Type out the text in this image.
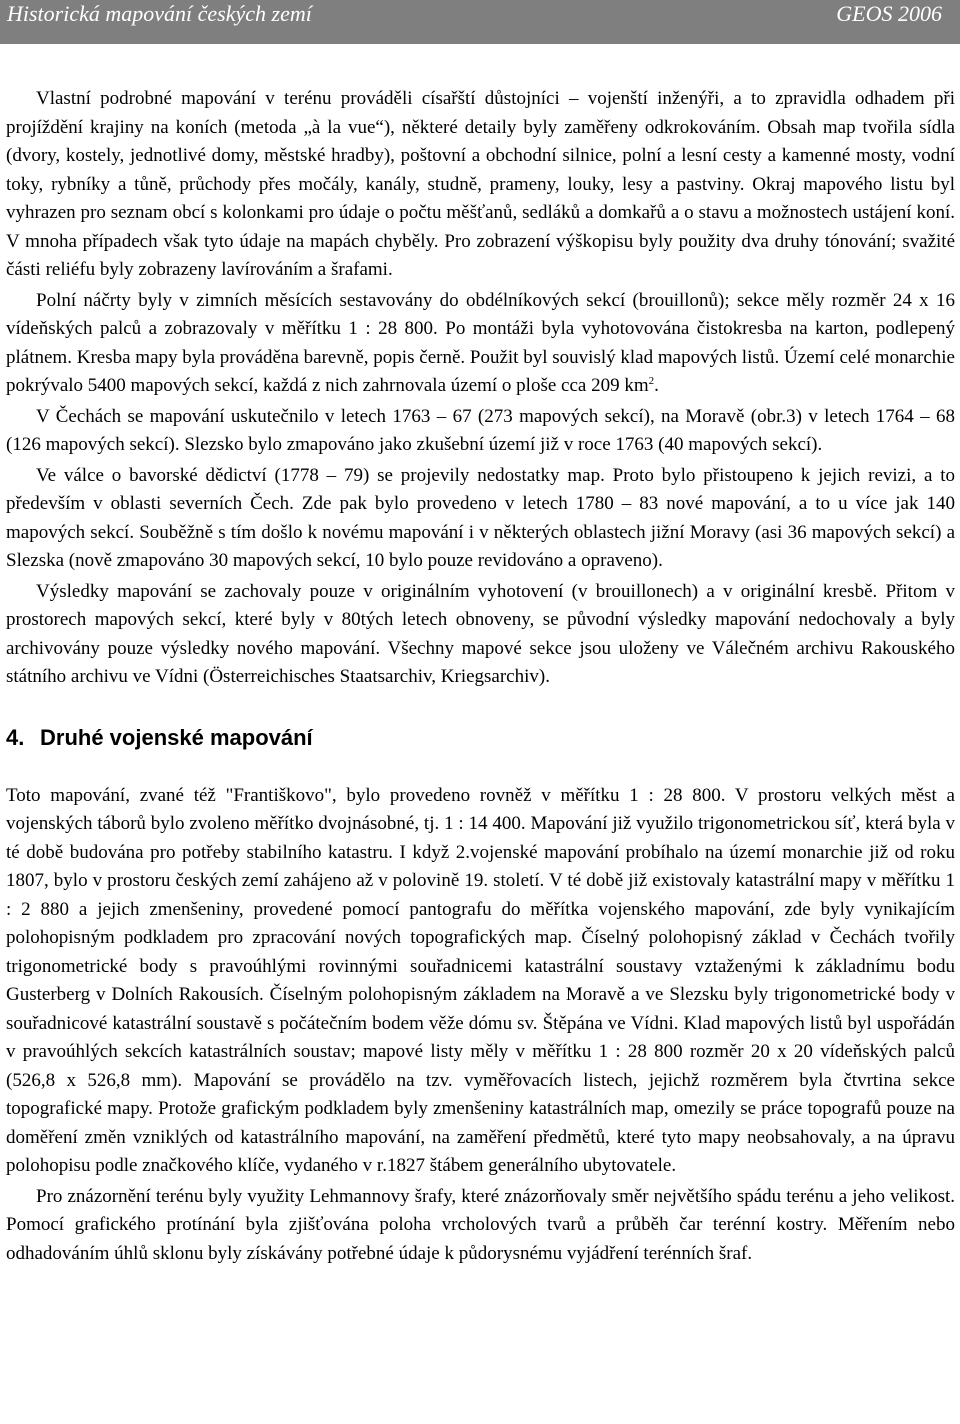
Historická mapování českých zemí	GEOS 2006

Vlastní podrobné mapování v terénu prováděli císařští důstojníci – vojenští inženýři, a to zpravidla odhadem při projíždění krajiny na koních (metoda „à la vue“), některé detaily byly zaměřeny odkrokováním. Obsah map tvořila sídla (dvory, kostely, jednotlivé domy, městské hradby), poštovní a obchodní silnice, polní a lesní cesty a kamenné mosty, vodní toky, rybníky a tůně, průchody přes močály, kanály, studně, prameny, louky, lesy a pastviny. Okraj mapového listu byl vyhrazen pro seznam obcí s kolonkami pro údaje o počtu měšťanů, sedláků a domkařů a o stavu a možnostech ustájení koní. V mnoha případech však tyto údaje na mapách chyběly. Pro zobrazení výškopisu byly použity dva druhy tónování; svažité části reliéfu byly zobrazeny lavírováním a šrafami.

Polní náčrty byly v zimních měsících sestavovány do obdélníkových sekcí (brouillonů); sekce měly rozměr 24 x 16 vídeňských palců a zobrazovaly v měřítku 1 : 28 800. Po montáži byla vyhotovována čistokresba na karton, podlepený plátnem. Kresba mapy byla prováděna barevně, popis černě. Použit byl souvislý klad mapových listů. Území celé monarchie pokrývalo 5400 mapových sekcí, každá z nich zahrnovala území o ploše cca 209 $km^2$.

V Čechách se mapování uskutečnilo v letech 1763 – 67 (273 mapových sekcí), na Moravě (obr.3) v letech 1764 – 68 (126 mapových sekcí). Slezsko bylo zmapováno jako zkušební území již v roce 1763 (40 mapových sekcí).

Ve válce o bavorské dědictví (1778 – 79) se projevily nedostatky map. Proto bylo přistoupeno k jejich revizi, a to především v oblasti severních Čech. Zde pak bylo provedeno v letech 1780 – 83 nové mapování, a to u více jak 140 mapových sekcí. Souběžně s tím došlo k novému mapování i v některých oblastech jižní Moravy (asi 36 mapových sekcí) a Slezska (nově zmapováno 30 mapových sekcí, 10 bylo pouze revidováno a opraveno).

Výsledky mapování se zachovaly pouze v originálním vyhotovení (v brouillonech) a v originální kresbě. Přitom v prostorech mapových sekcí, které byly v 80tých letech obnoveny, se původní výsledky mapování nedochovaly a byly archivovány pouze výsledky nového mapování. Všechny mapové sekce jsou uloženy ve Válečném archivu Rakouského státního archivu ve Vídni (Österreichisches Staatsarchiv, Kriegsarchiv).

4. Druhé vojenské mapování

Toto mapování, zvané též "Františkovo", bylo provedeno rovněž v měřítku 1 : 28 800. V prostoru velkých měst a vojenských táborů bylo zvoleno měřítko dvojnásobné, tj. 1 : 14 400. Mapování již využilo trigonometrickou síť, která byla v té době budována pro potřeby stabilního katastru. I když 2.vojenské mapování probíhalo na území monarchie již od roku 1807, bylo v prostoru českých zemí zahájeno až v polovině 19. století. V té době již existovaly katastrální mapy v měřítku 1 : 2 880 a jejich zmenšeniny, provedené pomocí pantografu do měřítka vojenského mapování, zde byly vynikajícím polohopisným podkladem pro zpracování nových topografických map. Číselný polohopisný základ v Čechách tvořily trigonometrické body s pravoúhlými rovinnými souřadnicemi katastrální soustavy vztaženými k základnímu bodu Gusterberg v Dolních Rakousích. Číselným polohopisným základem na Moravě a ve Slezsku byly trigonometrické body v souřadnicové katastrální soustavě s počátečním bodem věže dómu sv. Štěpána ve Vídni. Klad mapových listů byl uspořádán v pravoúhlých sekcích katastrálních soustav; mapové listy měly v měřítku 1 : 28 800 rozměr 20 x 20 vídeňských palců (526,8 x 526,8 mm). Mapování se provádělo na tzv. vyměřovacích listech, jejichž rozměrem byla čtvrtina sekce topografické mapy. Protože grafickým podkladem byly zmenšeniny katastrálních map, omezily se práce topografů pouze na doměření změn vzniklých od katastrálního mapování, na zaměření předmětů, které tyto mapy neobsahovaly, a na úpravu polohopisu podle značkového klíče, vydaného v r.1827 štábem generálního ubytovatele.

Pro znázornění terénu byly využity Lehmannovy šrafy, které znázorňovaly směr největšího spádu terénu a jeho velikost. Pomocí grafického protínání byla zjišťována poloha vrcholových tvarů a průběh čar terénní kostry. Měřením nebo odhadováním úhlů sklonu byly získávány potřebné údaje k půdorysnému vyjádření terénních šraf.
